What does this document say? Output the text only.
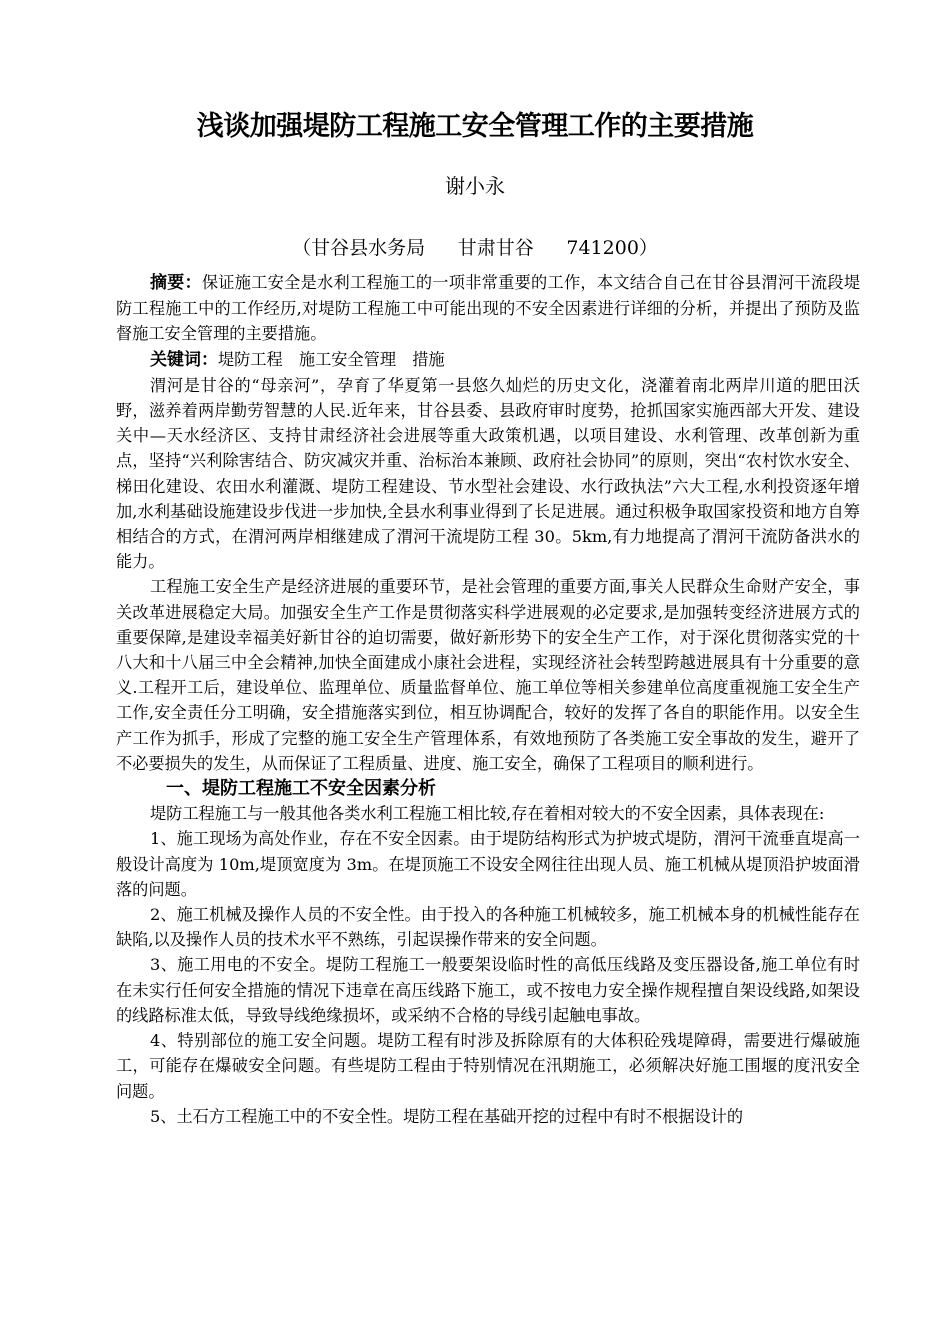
浅谈加强堤防工程施工安全管理工作的主要措施
谢小永
（甘谷县水务局　 甘肃甘谷　 741200）

摘要：保证施工安全是水利工程施工的一项非常重要的工作，本文结合自己在甘谷县渭河干流段堤防工程施工中的工作经历,对堤防工程施工中可能出现的不安全因素进行详细的分析，并提出了预防及监督施工安全管理的主要措施。

关键词：堤防工程　施工安全管理　措施

渭河是甘谷的“母亲河”，孕育了华夏第一县悠久灿烂的历史文化，浇灌着南北两岸川道的肥田沃野，滋养着两岸勤劳智慧的人民.近年来，甘谷县委、县政府审时度势，抢抓国家实施西部大开发、建设关中—天水经济区、支持甘肃经济社会进展等重大政策机遇，以项目建设、水利管理、改革创新为重点，坚持“兴利除害结合、防灾减灾并重、治标治本兼顾、政府社会协同”的原则，突出“农村饮水安全、梯田化建设、农田水利灌溉、堤防工程建设、节水型社会建设、水行政执法”六大工程,水利投资逐年增加,水利基础设施建设步伐进一步加快,全县水利事业得到了长足进展。通过积极争取国家投资和地方自筹相结合的方式，在渭河两岸相继建成了渭河干流堤防工程 30。5km,有力地提高了渭河干流防备洪水的能力。

工程施工安全生产是经济进展的重要环节，是社会管理的重要方面,事关人民群众生命财产安全，事关改革进展稳定大局。加强安全生产工作是贯彻落实科学进展观的必定要求,是加强转变经济进展方式的重要保障,是建设幸福美好新甘谷的迫切需要，做好新形势下的安全生产工作，对于深化贯彻落实党的十八大和十八届三中全会精神,加快全面建成小康社会进程，实现经济社会转型跨越进展具有十分重要的意义.工程开工后，建设单位、监理单位、质量监督单位、施工单位等相关参建单位高度重视施工安全生产工作,安全责任分工明确，安全措施落实到位，相互协调配合，较好的发挥了各自的职能作用。以安全生产工作为抓手，形成了完整的施工安全生产管理体系，有效地预防了各类施工安全事故的发生，避开了不必要损失的发生，从而保证了工程质量、进度、施工安全，确保了工程项目的顺利进行。

一、堤防工程施工不安全因素分析

堤防工程施工与一般其他各类水利工程施工相比较,存在着相对较大的不安全因素，具体表现在:

1、施工现场为高处作业，存在不安全因素。由于堤防结构形式为护坡式堤防，渭河干流垂直堤高一般设计高度为 10m,堤顶宽度为 3m。在堤顶施工不设安全网往往出现人员、施工机械从堤顶沿护坡面滑落的问题。

2、施工机械及操作人员的不安全性。由于投入的各种施工机械较多，施工机械本身的机械性能存在缺陷,以及操作人员的技术水平不熟练，引起误操作带来的安全问题。

3、施工用电的不安全。堤防工程施工一般要架设临时性的高低压线路及变压器设备,施工单位有时在未实行任何安全措施的情况下违章在高压线路下施工，或不按电力安全操作规程擅自架设线路,如架设的线路标准太低，导致导线绝缘损坏，或采纳不合格的导线引起触电事故。

4、特别部位的施工安全问题。堤防工程有时涉及拆除原有的大体积砼残堤障碍，需要进行爆破施工，可能存在爆破安全问题。有些堤防工程由于特别情况在汛期施工，必须解决好施工围堰的度汛安全问题。

5、土石方工程施工中的不安全性。堤防工程在基础开挖的过程中有时不根据设计的
